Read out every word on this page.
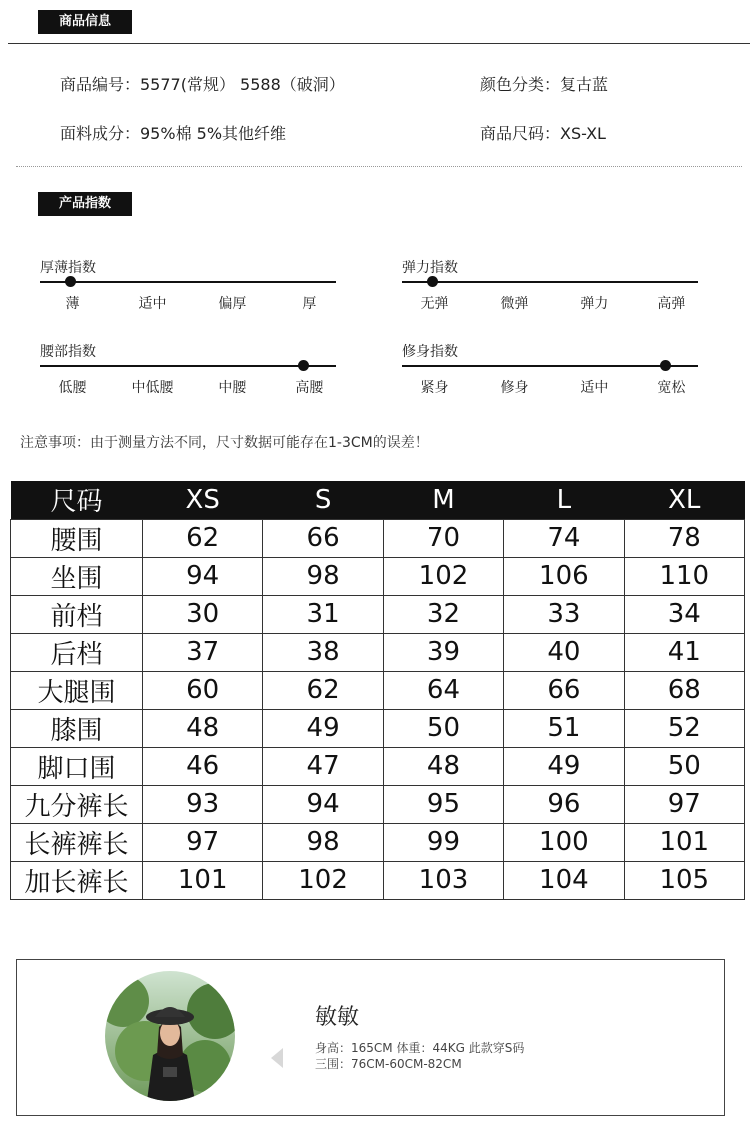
商品信息
商品编号：5577(常规） 5588（破洞）	颜色分类：复古蓝
面料成分：95%棉 5%其他纤维	商品尺码：XS-XL
产品指数
厚薄指数
薄	适中	偏厚	厚
弹力指数
无弹	微弹	弹力	高弹
腰部指数
低腰	中低腰	中腰	高腰
修身指数
紧身	修身	适中	宽松
注意事项：由于测量方法不同，尺寸数据可能存在1-3CM的误差！
尺码	XS	S	M	L	XL
腰围	62	66	70	74	78
坐围	94	98	102	106	110
前档	30	31	32	33	34
后档	37	38	39	40	41
大腿围	60	62	64	66	68
膝围	48	49	50	51	52
脚口围	46	47	48	49	50
九分裤长	93	94	95	96	97
长裤裤长	97	98	99	100	101
加长裤长	101	102	103	104	105
敏敏
身高：165CM 体重：44KG 此款穿S码
三围：76CM-60CM-82CM
